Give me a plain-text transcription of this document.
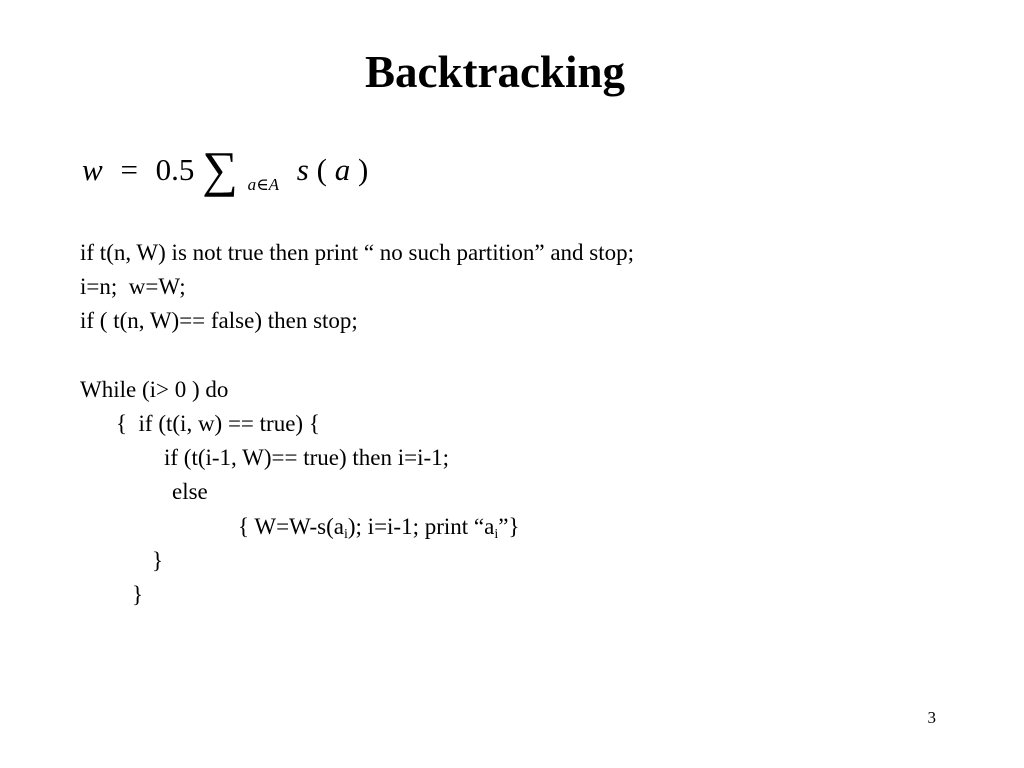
Backtracking
w = 0.5 ∑ a∈A s ( a )
if t(n, W) is not true then print “ no such partition” and stop;
i=n;  w=W;
if ( t(n, W)== false) then stop;
While (i> 0 ) do
{  if (t(i, w) == true) {
if (t(i-1, W)== true) then i=i-1;
else
{ $W=W-s(a_i)$; i=i-1; print “$a_i$”}
}
}
3
